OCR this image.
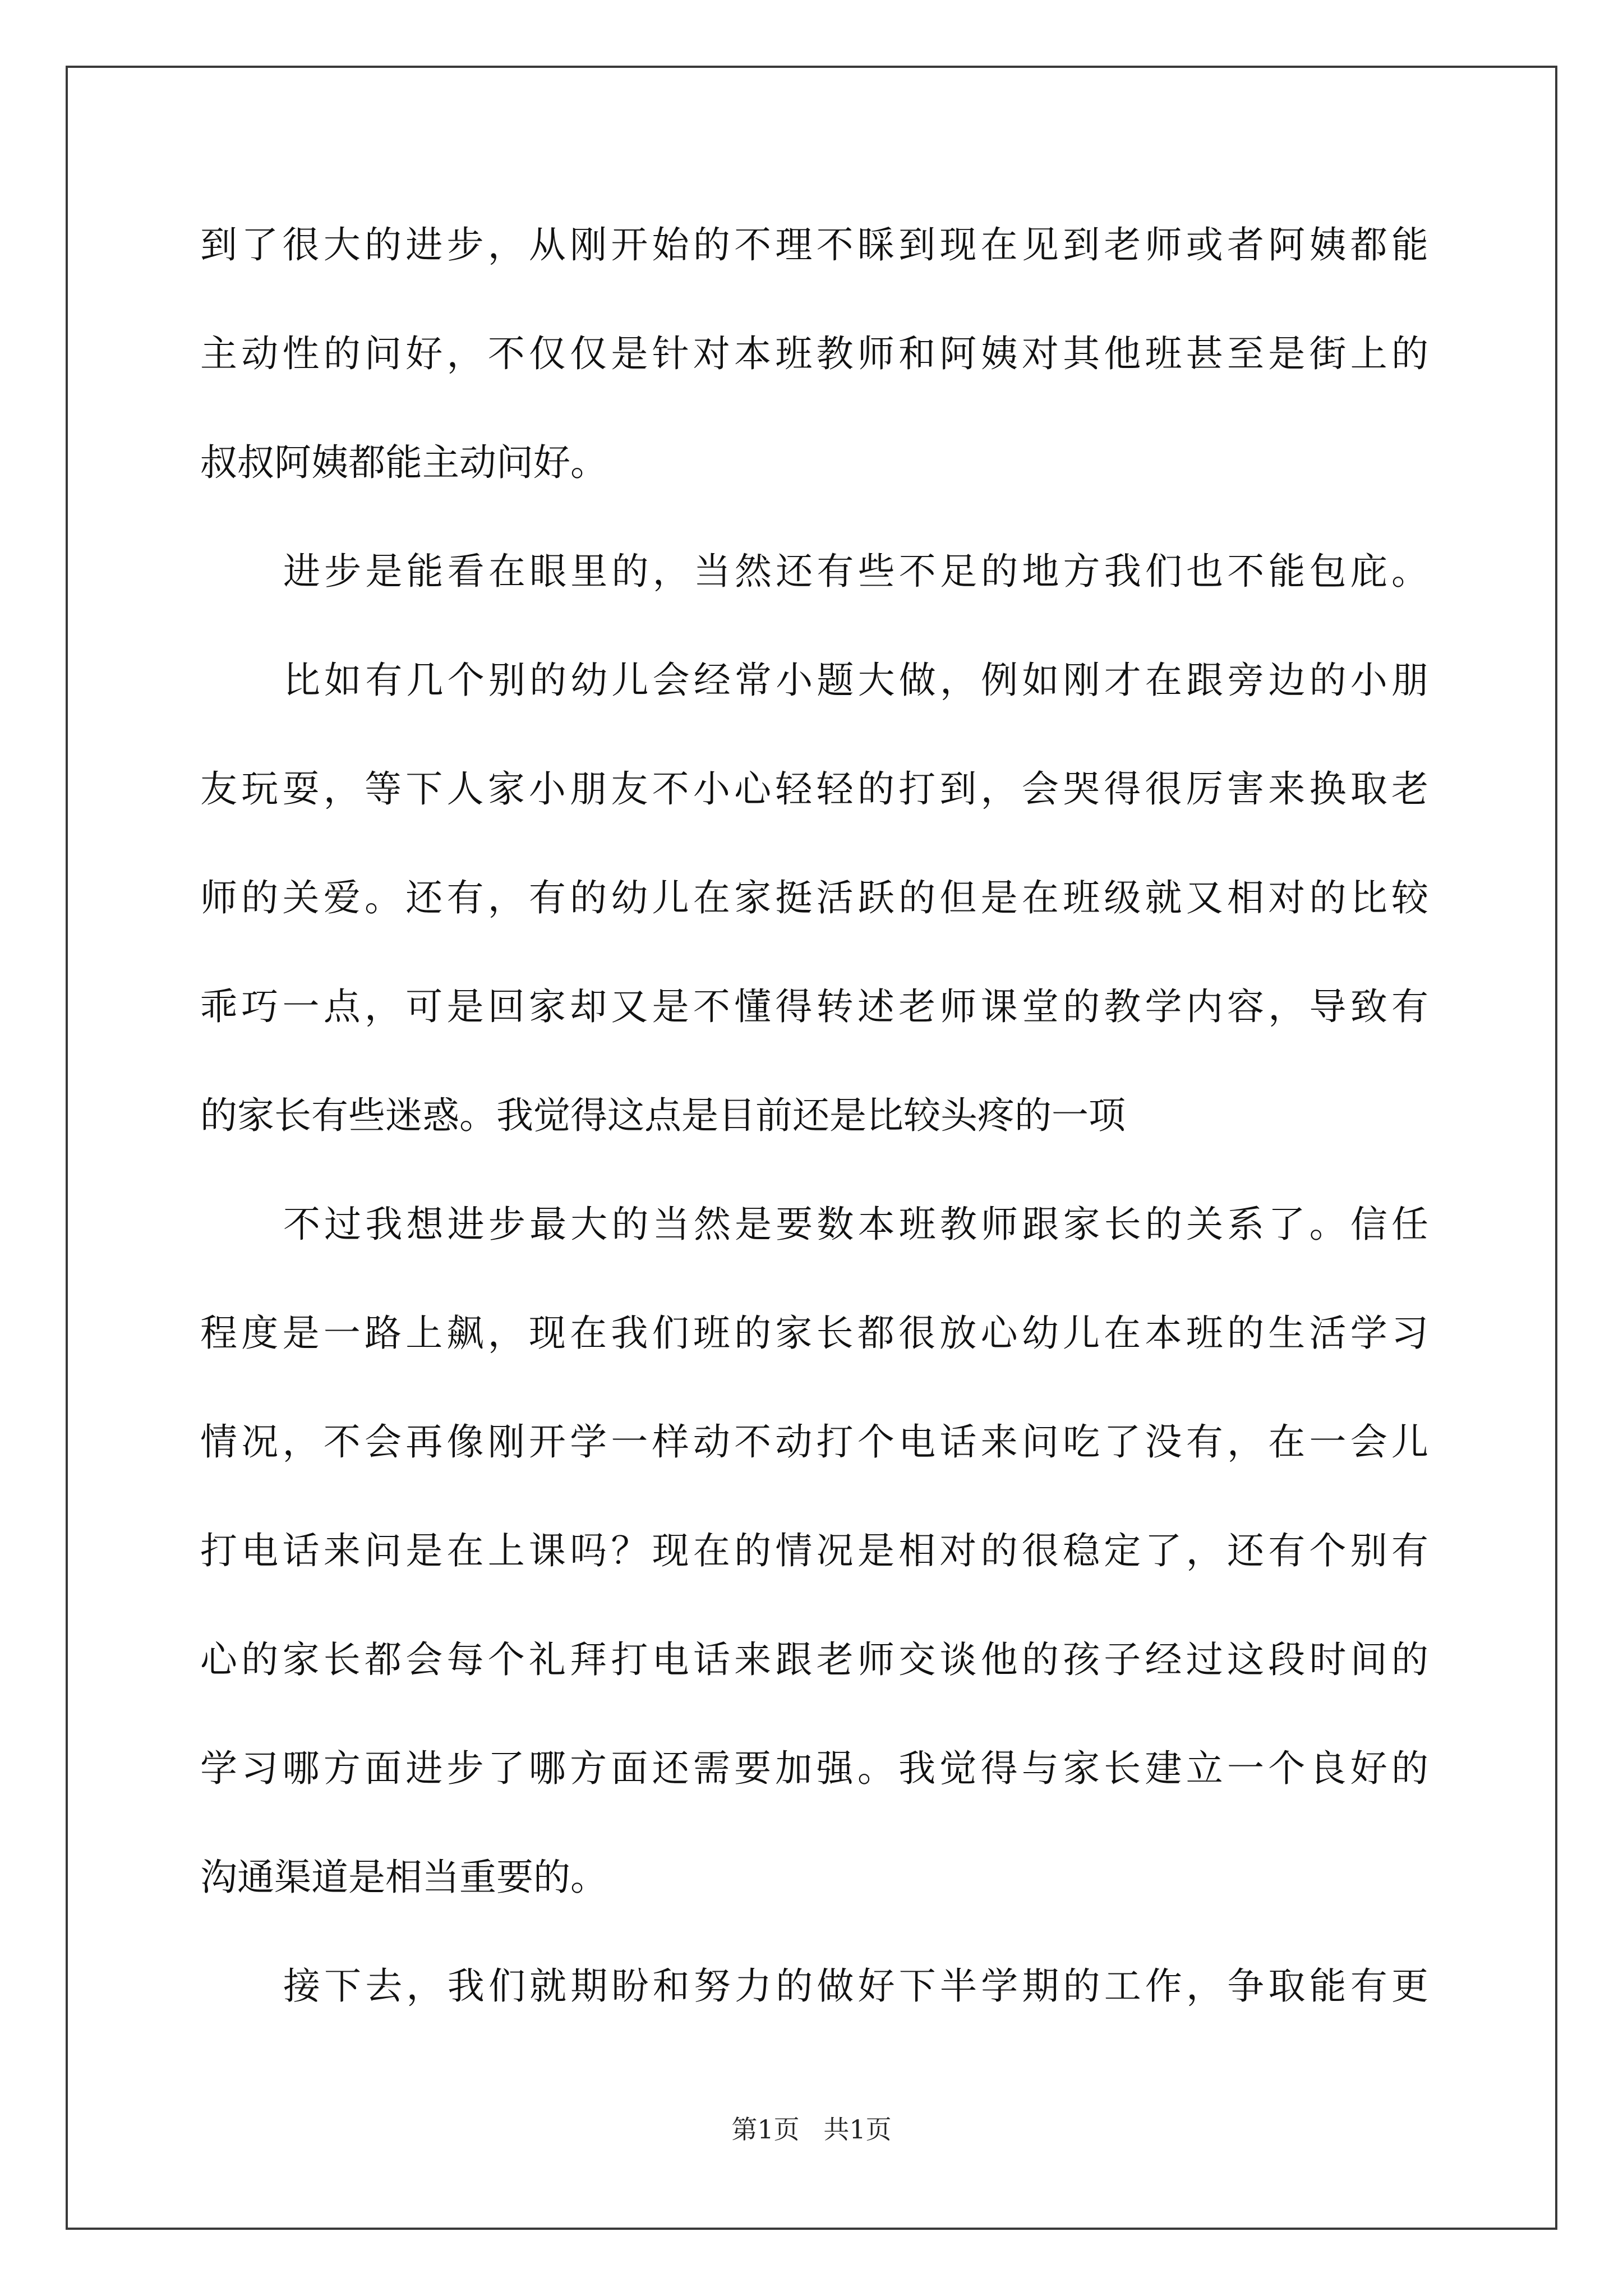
到了很大的进步，从刚开始的不理不睬到现在见到老师或者阿姨都能
主动性的问好，不仅仅是针对本班教师和阿姨对其他班甚至是街上的
叔叔阿姨都能主动问好。
进步是能看在眼里的，当然还有些不足的地方我们也不能包庇。
比如有几个别的幼儿会经常小题大做，例如刚才在跟旁边的小朋
友玩耍，等下人家小朋友不小心轻轻的打到，会哭得很厉害来换取老
师的关爱。还有，有的幼儿在家挺活跃的但是在班级就又相对的比较
乖巧一点，可是回家却又是不懂得转述老师课堂的教学内容，导致有
的家长有些迷惑。我觉得这点是目前还是比较头疼的一项
不过我想进步最大的当然是要数本班教师跟家长的关系了。信任
程度是一路上飙，现在我们班的家长都很放心幼儿在本班的生活学习
情况，不会再像刚开学一样动不动打个电话来问吃了没有，在一会儿
打电话来问是在上课吗？现在的情况是相对的很稳定了，还有个别有
心的家长都会每个礼拜打电话来跟老师交谈他的孩子经过这段时间的
学习哪方面进步了哪方面还需要加强。我觉得与家长建立一个良好的
沟通渠道是相当重要的。
接下去，我们就期盼和努力的做好下半学期的工作，争取能有更
第1页 共1页
